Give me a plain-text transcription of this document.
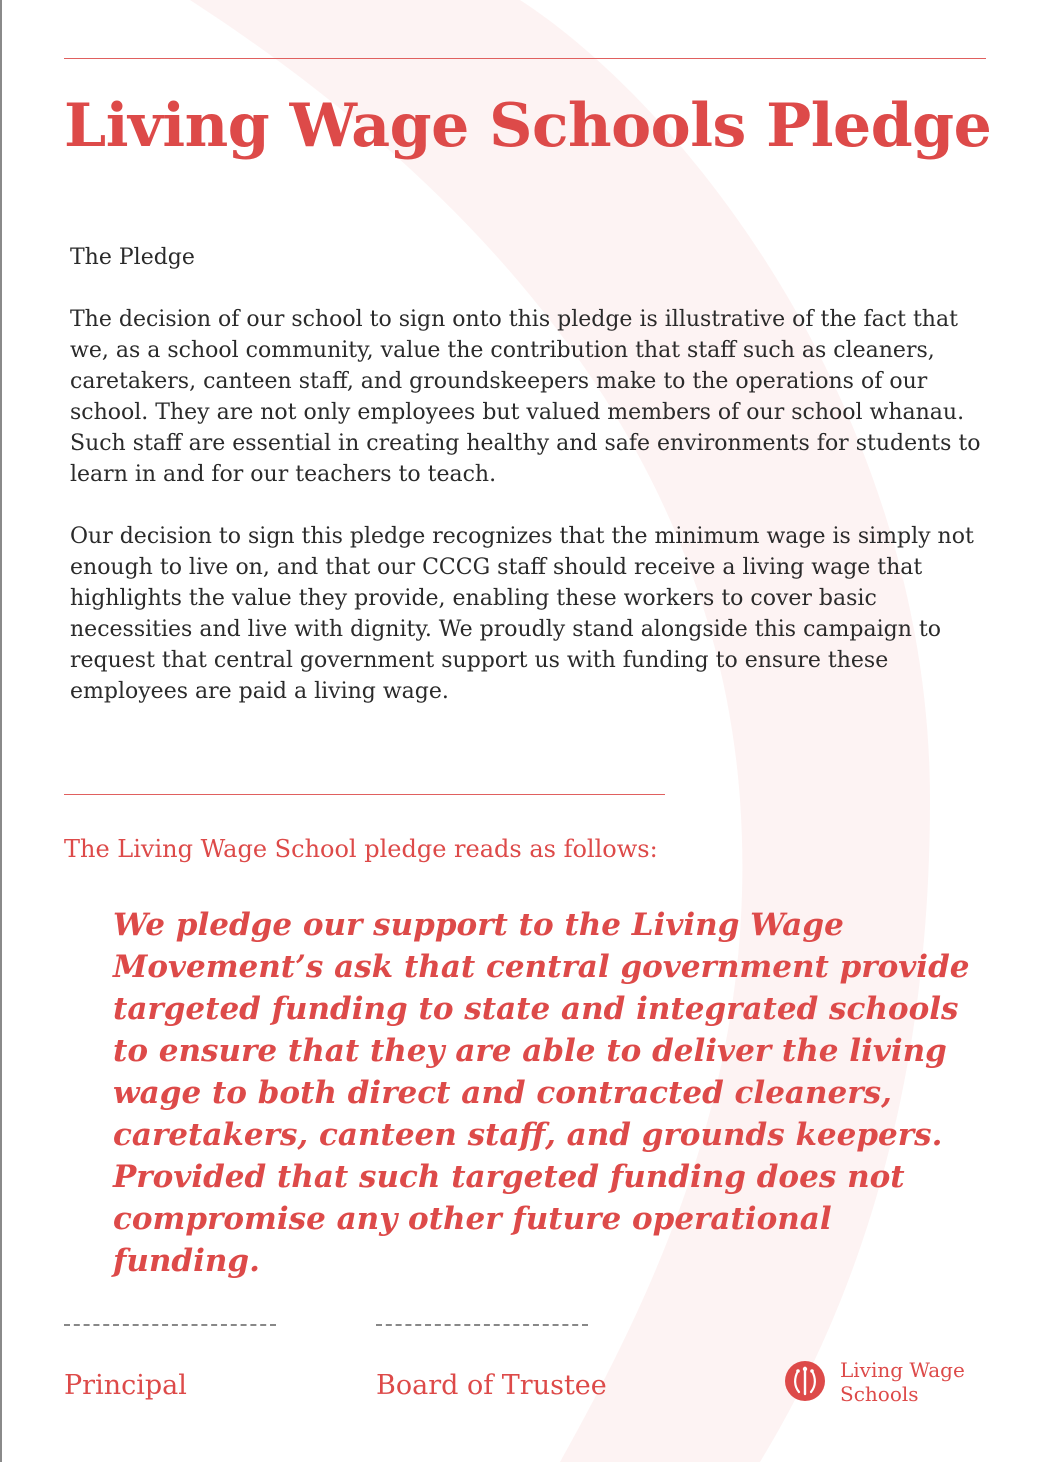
Living Wage Schools Pledge

The Pledge

The decision of our school to sign onto this pledge is illustrative of the fact that we, as a school community, value the contribution that staff such as cleaners, caretakers, canteen staff, and groundskeepers make to the operations of our school. They are not only employees but valued members of our school whanau. Such staff are essential in creating healthy and safe environments for students to learn in and for our teachers to teach.

Our decision to sign this pledge recognizes that the minimum wage is simply not enough to live on, and that our CCCG staff should receive a living wage that highlights the value they provide, enabling these workers to cover basic necessities and live with dignity. We proudly stand alongside this campaign to request that central government support us with funding to ensure these employees are paid a living wage.

The Living Wage School pledge reads as follows:
We pledge our support to the Living Wage Movement’s ask that central government provide targeted funding to state and integrated schools to ensure that they are able to deliver the living wage to both direct and contracted cleaners, caretakers, canteen staff, and grounds keepers. Provided that such targeted funding does not compromise any other future operational funding.
Principal	Board of Trustee	Living Wage
Schools
